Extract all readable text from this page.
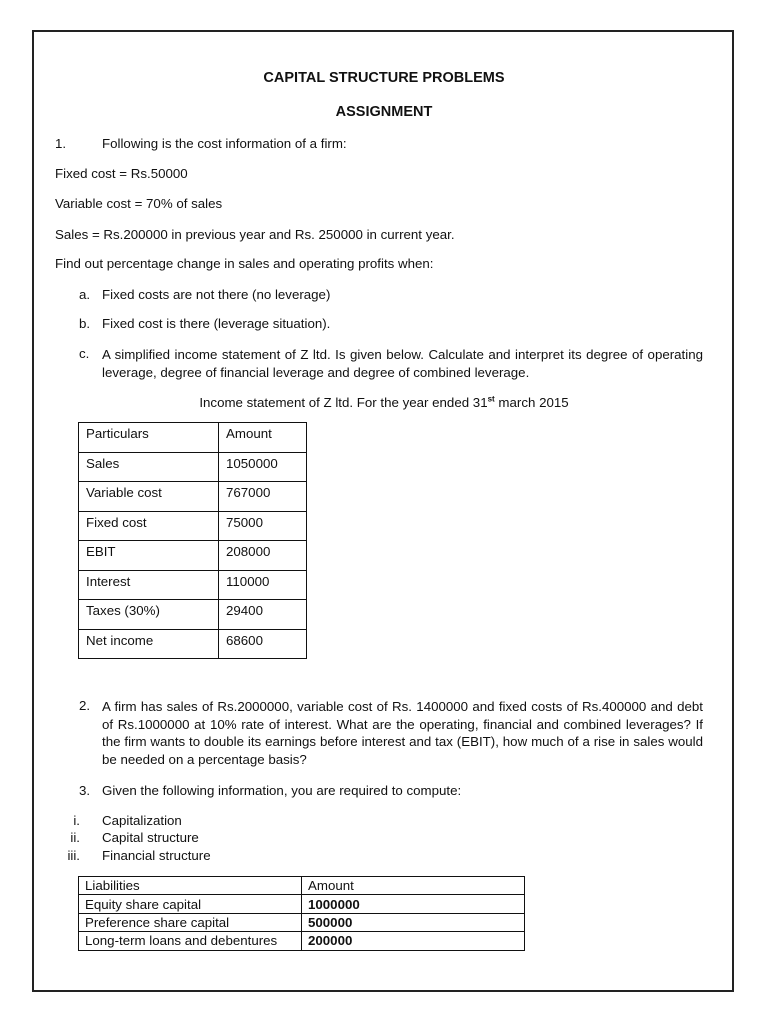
CAPITAL STRUCTURE PROBLEMS
ASSIGNMENT
1.	Following is the cost information of a firm:
Fixed cost = Rs.50000
Variable cost = 70% of sales
Sales = Rs.200000 in previous year and Rs. 250000 in current year.
Find out percentage change in sales and operating profits when:
a. Fixed costs are not there (no leverage)
b. Fixed cost is there (leverage situation).
c. A simplified income statement of Z ltd. Is given below. Calculate and interpret its degree of operating leverage, degree of financial leverage and degree of combined leverage.
Income statement of Z ltd. For the year ended 31st march 2015
Particulars	Amount
Sales	1050000
Variable cost	767000
Fixed cost	75000
EBIT	208000
Interest	110000
Taxes (30%)	29400
Net income	68600
2. A firm has sales of Rs.2000000, variable cost of Rs. 1400000 and fixed costs of Rs.400000 and debt of Rs.1000000 at 10% rate of interest. What are the operating, financial and combined leverages? If the firm wants to double its earnings before interest and tax (EBIT), how much of a rise in sales would be needed on a percentage basis?
3. Given the following information, you are required to compute:
i. Capitalization
ii. Capital structure
iii. Financial structure
Liabilities	Amount
Equity share capital	1000000
Preference share capital	500000
Long-term loans and debentures	200000
